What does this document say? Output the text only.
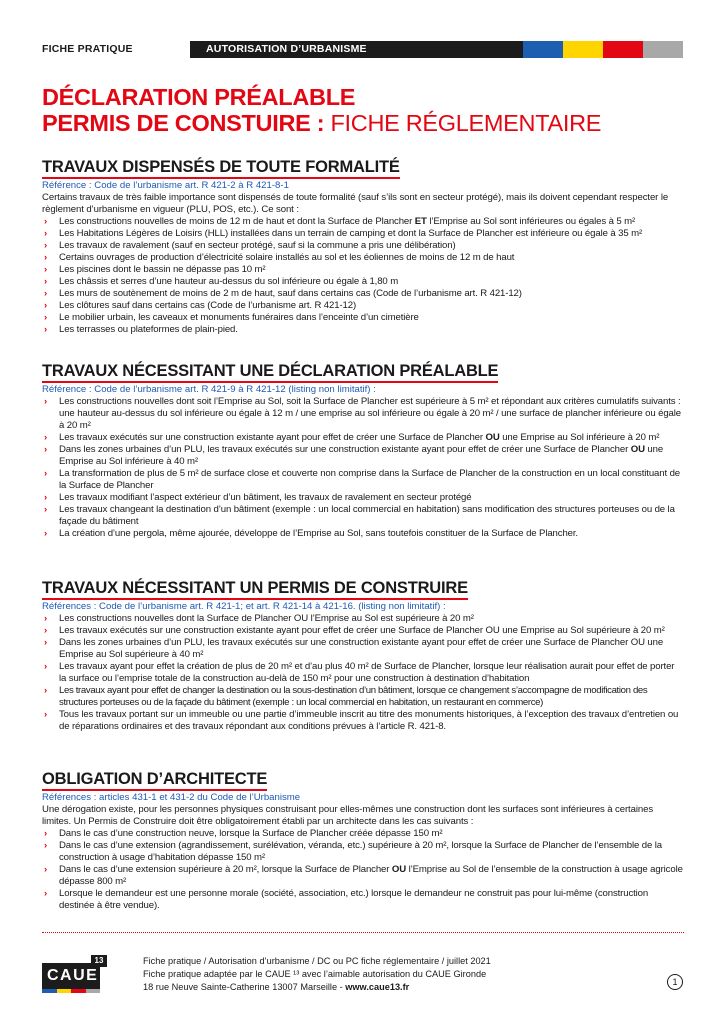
FICHE PRATIQUE	AUTORISATION D’URBANISME
DÉCLARATION PRÉALABLE
PERMIS DE CONSTUIRE : FICHE RÉGLEMENTAIRE
TRAVAUX DISPENSÉS DE TOUTE FORMALITÉ
Référence : Code de l’urbanisme art. R 421-2 à R 421-8-1
Certains travaux de très faible importance sont dispensés de toute formalité (sauf s’ils sont en secteur protégé), mais ils doivent cependant respecter le règlement d’urbanisme en vigueur (PLU, POS, etc.). Ce sont :
› Les constructions nouvelles de moins de 12 m de haut et dont la Surface de Plancher ET l’Emprise au Sol sont inférieures ou égales à 5 m²
› Les Habitations Légères de Loisirs (HLL) installées dans un terrain de camping et dont la Surface de Plancher est inférieure ou égale à 35 m²
› Les travaux de ravalement (sauf en secteur protégé, sauf si la commune a pris une délibération)
› Certains ouvrages de production d’électricité solaire installés au sol et les éoliennes de moins de 12 m de haut
› Les piscines dont le bassin ne dépasse pas 10 m²
› Les châssis et serres d’une hauteur au-dessus du sol inférieure ou égale à 1,80 m
› Les murs de soutènement de moins de 2 m de haut, sauf dans certains cas (Code de l’urbanisme art. R 421-12)
› Les clôtures sauf dans certains cas (Code de l’urbanisme art. R 421-12)
› Le mobilier urbain, les caveaux et monuments funéraires dans l’enceinte d’un cimetière
› Les terrasses ou plateformes de plain-pied.
TRAVAUX NÉCESSITANT UNE DÉCLARATION PRÉALABLE
Référence : Code de l’urbanisme art. R 421-9 à R 421-12 (listing non limitatif) :
› Les constructions nouvelles dont soit l’Emprise au Sol, soit la Surface de Plancher est supérieure à 5 m² et répondant aux critères cumulatifs suivants : une hauteur au-dessus du sol inférieure ou égale à 12 m / une emprise au sol inférieure ou égale à 20 m² / une surface de plancher inférieure ou égale à 20 m²
› Les travaux exécutés sur une construction existante ayant pour effet de créer une Surface de Plancher OU une Emprise au Sol inférieure à 20 m²
› Dans les zones urbaines d’un PLU, les travaux exécutés sur une construction existante ayant pour effet de créer une Surface de Plancher OU une Emprise au Sol inférieure à 40 m²
› La transformation de plus de 5 m² de surface close et couverte non comprise dans la Surface de Plancher de la construction en un local constituant de la Surface de Plancher
› Les travaux modifiant l’aspect extérieur d’un bâtiment, les travaux de ravalement en secteur protégé
› Les travaux changeant la destination d’un bâtiment (exemple : un local commercial en habitation) sans modification des structures porteuses ou de la façade du bâtiment
› La création d’une pergola, même ajourée, développe de l’Emprise au Sol, sans toutefois constituer de la Surface de Plancher.
TRAVAUX NÉCESSITANT UN PERMIS DE CONSTRUIRE
Références : Code de l’urbanisme art. R 421-1; et art. R 421-14 à 421-16. (listing non limitatif) :
› Les constructions nouvelles dont la Surface de Plancher OU l’Emprise au Sol est supérieure à 20 m²
› Les travaux exécutés sur une construction existante ayant pour effet de créer une Surface de Plancher OU une Emprise au Sol supérieure à 20 m²
› Dans les zones urbaines d’un PLU, les travaux exécutés sur une construction existante ayant pour effet de créer une Surface de Plancher OU une Emprise au Sol supérieure à 40 m²
› Les travaux ayant pour effet la création de plus de 20 m² et d’au plus 40 m² de Surface de Plancher, lorsque leur réalisation aurait pour effet de porter la surface ou l’emprise totale de la construction au-delà de 150 m² pour une construction à destination d’habitation
› Les travaux ayant pour effet de changer la destination ou la sous-destination d’un bâtiment, lorsque ce changement s’accompagne de modification des structures porteuses ou de la façade du bâtiment (exemple : un local commercial en habitation, un restaurant en commerce)
› Tous les travaux portant sur un immeuble ou une partie d’immeuble inscrit au titre des monuments historiques, à l’exception des travaux d’entretien ou de réparations ordinaires et des travaux répondant aux conditions prévues à l’article R. 421-8.
OBLIGATION D’ARCHITECTE
Références : articles 431-1 et 431-2 du Code de l’Urbanisme
Une dérogation existe, pour les personnes physiques construisant pour elles-mêmes une construction dont les surfaces sont inférieures à certaines limites. Un Permis de Construire doit être obligatoirement établi par un architecte dans les cas suivants :
› Dans le cas d’une construction neuve, lorsque la Surface de Plancher créée dépasse 150 m²
› Dans le cas d’une extension (agrandissement, surélévation, véranda, etc.) supérieure à 20 m², lorsque la Surface de Plancher de l’ensemble de la construction à usage d’habitation dépasse 150 m²
› Dans le cas d’une extension supérieure à 20 m², lorsque la Surface de Plancher OU l’Emprise au Sol de l’ensemble de la construction à usage agricole dépasse 800 m²
› Lorsque le demandeur est une personne morale (société, association, etc.) lorsque le demandeur ne construit pas pour lui-même (construction destinée à être vendue).
CAUE
13	Fiche pratique / Autorisation d’urbanisme / DC ou PC fiche réglementaire / juillet 2021
Fiche pratique adaptée par le CAUE ¹³ avec l’aimable autorisation du CAUE Gironde
18 rue Neuve Sainte-Catherine 13007 Marseille - www.caue13.fr	1
